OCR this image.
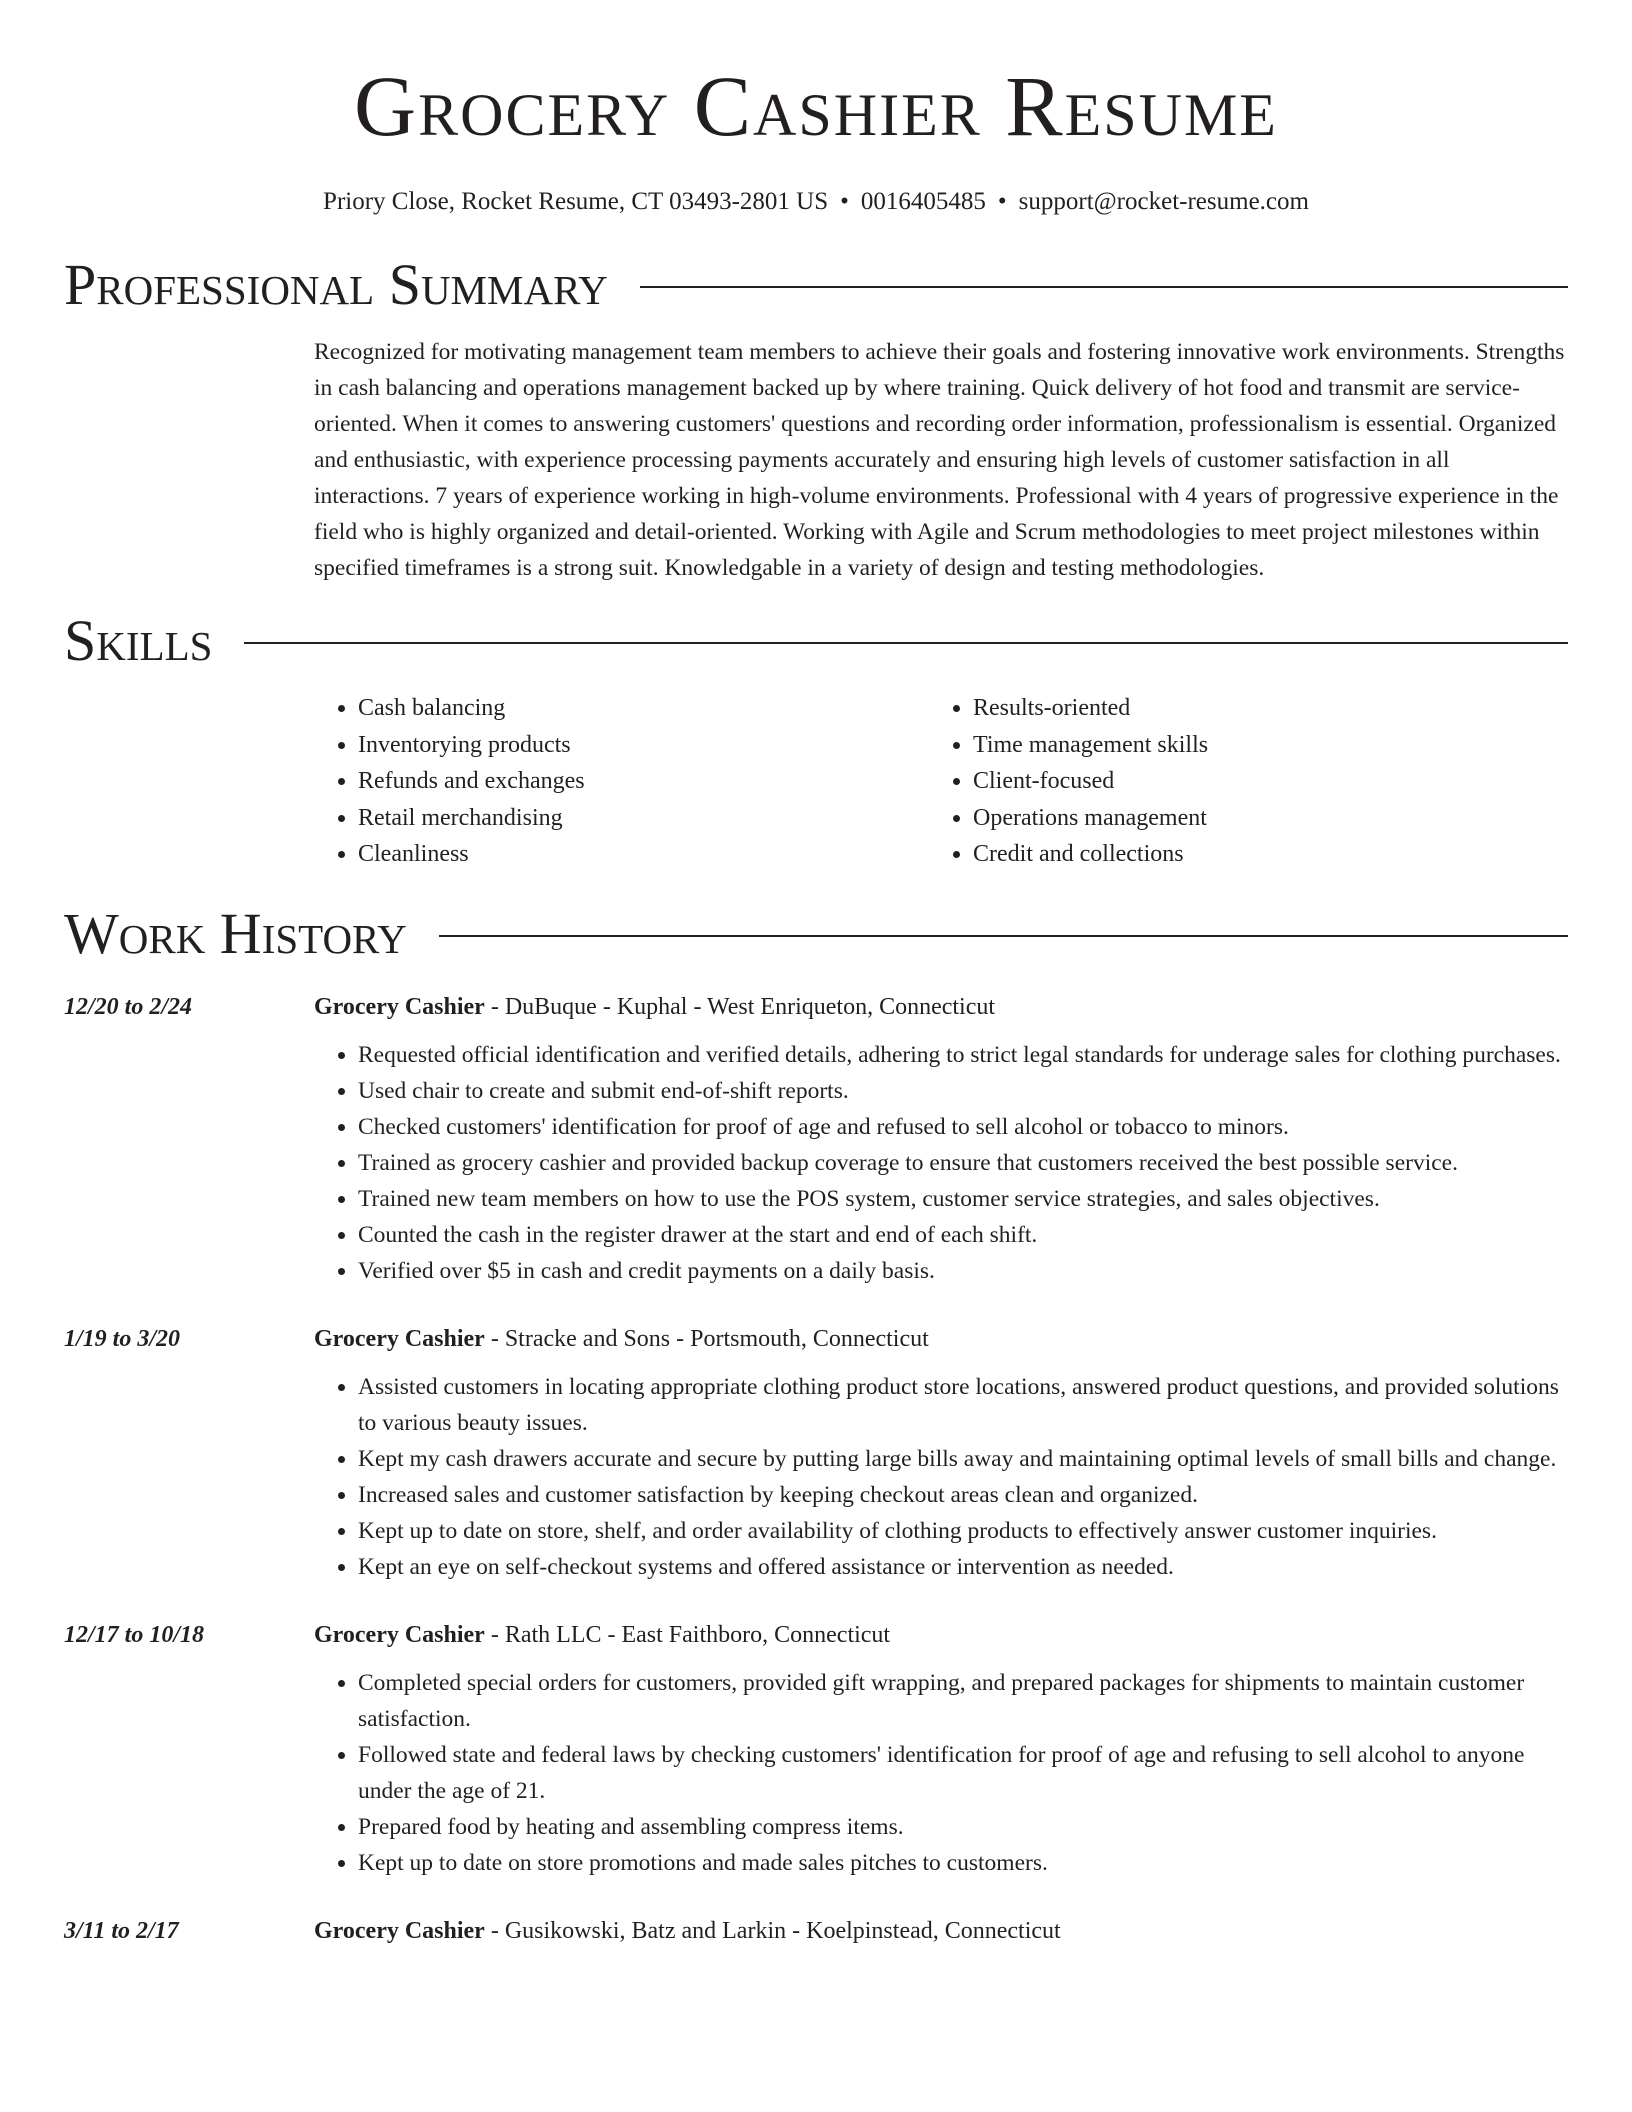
Grocery Cashier Resume
Priory Close, Rocket Resume, CT 03493-2801 US • 0016405485 • support@rocket-resume.com
Professional Summary

Recognized for motivating management team members to achieve their goals and fostering innovative work environments. Strengths in cash balancing and operations management backed up by where training. Quick delivery of hot food and transmit are service-oriented. When it comes to answering customers' questions and recording order information, professionalism is essential. Organized and enthusiastic, with experience processing payments accurately and ensuring high levels of customer satisfaction in all interactions. 7 years of experience working in high-volume environments. Professional with 4 years of progressive experience in the field who is highly organized and detail-oriented. Working with Agile and Scrum methodologies to meet project milestones within specified timeframes is a strong suit. Knowledgable in a variety of design and testing methodologies.

Skills
• Cash balancing
• Inventorying products
• Refunds and exchanges
• Retail merchandising
• Cleanliness
• Results-oriented
• Time management skills
• Client-focused
• Operations management
• Credit and collections
Work History
12/20 to 2/24	Grocery Cashier - DuBuque - Kuphal - West Enriqueton, Connecticut
• Requested official identification and verified details, adhering to strict legal standards for underage sales for clothing purchases.
• Used chair to create and submit end-of-shift reports.
• Checked customers' identification for proof of age and refused to sell alcohol or tobacco to minors.
• Trained as grocery cashier and provided backup coverage to ensure that customers received the best possible service.
• Trained new team members on how to use the POS system, customer service strategies, and sales objectives.
• Counted the cash in the register drawer at the start and end of each shift.
• Verified over $5 in cash and credit payments on a daily basis.
1/19 to 3/20	Grocery Cashier - Stracke and Sons - Portsmouth, Connecticut
• Assisted customers in locating appropriate clothing product store locations, answered product questions, and provided solutions to various beauty issues.
• Kept my cash drawers accurate and secure by putting large bills away and maintaining optimal levels of small bills and change.
• Increased sales and customer satisfaction by keeping checkout areas clean and organized.
• Kept up to date on store, shelf, and order availability of clothing products to effectively answer customer inquiries.
• Kept an eye on self-checkout systems and offered assistance or intervention as needed.
12/17 to 10/18	Grocery Cashier - Rath LLC - East Faithboro, Connecticut
• Completed special orders for customers, provided gift wrapping, and prepared packages for shipments to maintain customer satisfaction.
• Followed state and federal laws by checking customers' identification for proof of age and refusing to sell alcohol to anyone under the age of 21.
• Prepared food by heating and assembling compress items.
• Kept up to date on store promotions and made sales pitches to customers.
3/11 to 2/17	Grocery Cashier - Gusikowski, Batz and Larkin - Koelpinstead, Connecticut
